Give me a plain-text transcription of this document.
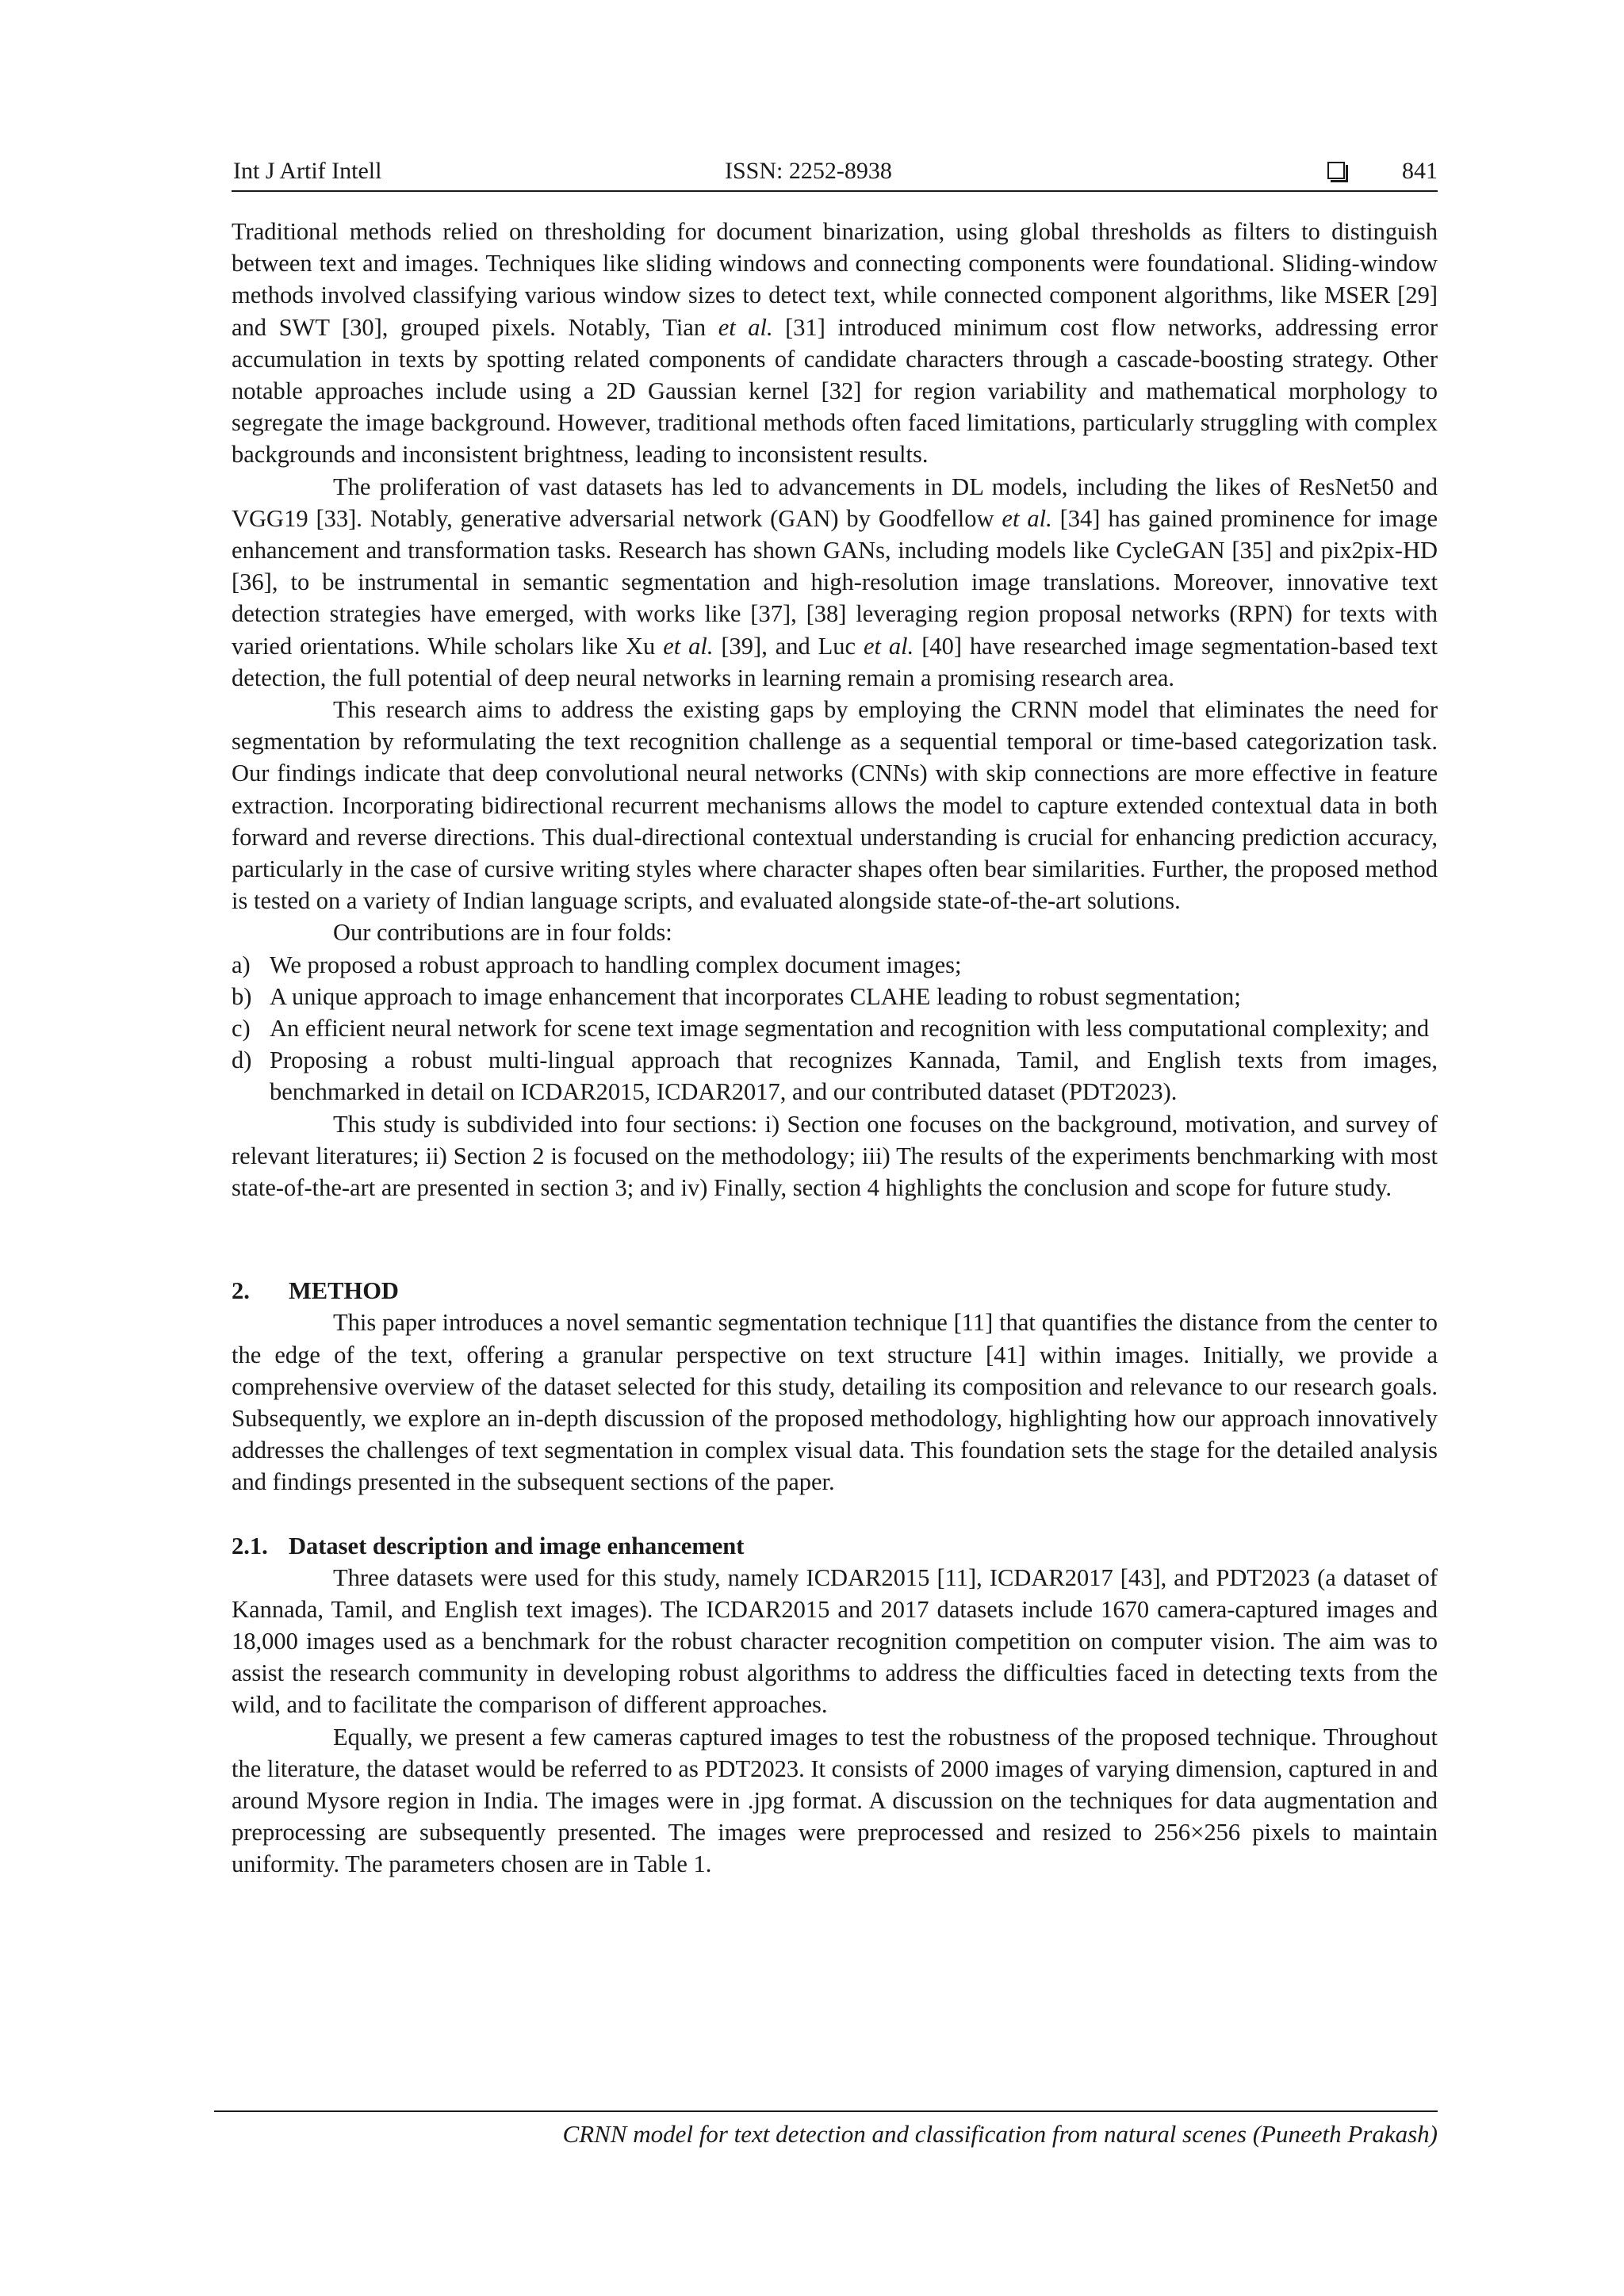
Int J Artif Intell	ISSN: 2252-8938	841

Traditional methods relied on thresholding for document binarization, using global thresholds as filters to distinguish between text and images. Techniques like sliding windows and connecting components were foundational. Sliding-window methods involved classifying various window sizes to detect text, while connected component algorithms, like MSER [29] and SWT [30], grouped pixels. Notably, Tian et al. [31] introduced minimum cost flow networks, addressing error accumulation in texts by spotting related components of candidate characters through a cascade-boosting strategy. Other notable approaches include using a 2D Gaussian kernel [32] for region variability and mathematical morphology to segregate the image background. However, traditional methods often faced limitations, particularly struggling with complex backgrounds and inconsistent brightness, leading to inconsistent results.

The proliferation of vast datasets has led to advancements in DL models, including the likes of ResNet50 and VGG19 [33]. Notably, generative adversarial network (GAN) by Goodfellow et al. [34] has gained prominence for image enhancement and transformation tasks. Research has shown GANs, including models like CycleGAN [35] and pix2pix-HD [36], to be instrumental in semantic segmentation and high-resolution image translations. Moreover, innovative text detection strategies have emerged, with works like [37], [38] leveraging region proposal networks (RPN) for texts with varied orientations. While scholars like Xu et al. [39], and Luc et al. [40] have researched image segmentation-based text detection, the full potential of deep neural networks in learning remain a promising research area.

This research aims to address the existing gaps by employing the CRNN model that eliminates the need for segmentation by reformulating the text recognition challenge as a sequential temporal or time-based categorization task. Our findings indicate that deep convolutional neural networks (CNNs) with skip connections are more effective in feature extraction. Incorporating bidirectional recurrent mechanisms allows the model to capture extended contextual data in both forward and reverse directions. This dual-directional contextual understanding is crucial for enhancing prediction accuracy, particularly in the case of cursive writing styles where character shapes often bear similarities. Further, the proposed method is tested on a variety of Indian language scripts, and evaluated alongside state-of-the-art solutions.

Our contributions are in four folds:

a) We proposed a robust approach to handling complex document images;
b) A unique approach to image enhancement that incorporates CLAHE leading to robust segmentation;
c) An efficient neural network for scene text image segmentation and recognition with less computational complexity; and
d) Proposing a robust multi-lingual approach that recognizes Kannada, Tamil, and English texts from images, benchmarked in detail on ICDAR2015, ICDAR2017, and our contributed dataset (PDT2023).

This study is subdivided into four sections: i) Section one focuses on the background, motivation, and survey of relevant literatures; ii) Section 2 is focused on the methodology; iii) The results of the experiments benchmarking with most state-of-the-art are presented in section 3; and iv) Finally, section 4 highlights the conclusion and scope for future study.

2. METHOD

This paper introduces a novel semantic segmentation technique [11] that quantifies the distance from the center to the edge of the text, offering a granular perspective on text structure [41] within images. Initially, we provide a comprehensive overview of the dataset selected for this study, detailing its composition and relevance to our research goals. Subsequently, we explore an in-depth discussion of the proposed methodology, highlighting how our approach innovatively addresses the challenges of text segmentation in complex visual data. This foundation sets the stage for the detailed analysis and findings presented in the subsequent sections of the paper.

2.1. Dataset description and image enhancement

Three datasets were used for this study, namely ICDAR2015 [11], ICDAR2017 [43], and PDT2023 (a dataset of Kannada, Tamil, and English text images). The ICDAR2015 and 2017 datasets include 1670 camera-captured images and 18,000 images used as a benchmark for the robust character recognition competition on computer vision. The aim was to assist the research community in developing robust algorithms to address the difficulties faced in detecting texts from the wild, and to facilitate the comparison of different approaches.

Equally, we present a few cameras captured images to test the robustness of the proposed technique. Throughout the literature, the dataset would be referred to as PDT2023. It consists of 2000 images of varying dimension, captured in and around Mysore region in India. The images were in .jpg format. A discussion on the techniques for data augmentation and preprocessing are subsequently presented. The images were preprocessed and resized to 256×256 pixels to maintain uniformity. The parameters chosen are in Table 1.

CRNN model for text detection and classification from natural scenes (Puneeth Prakash)
